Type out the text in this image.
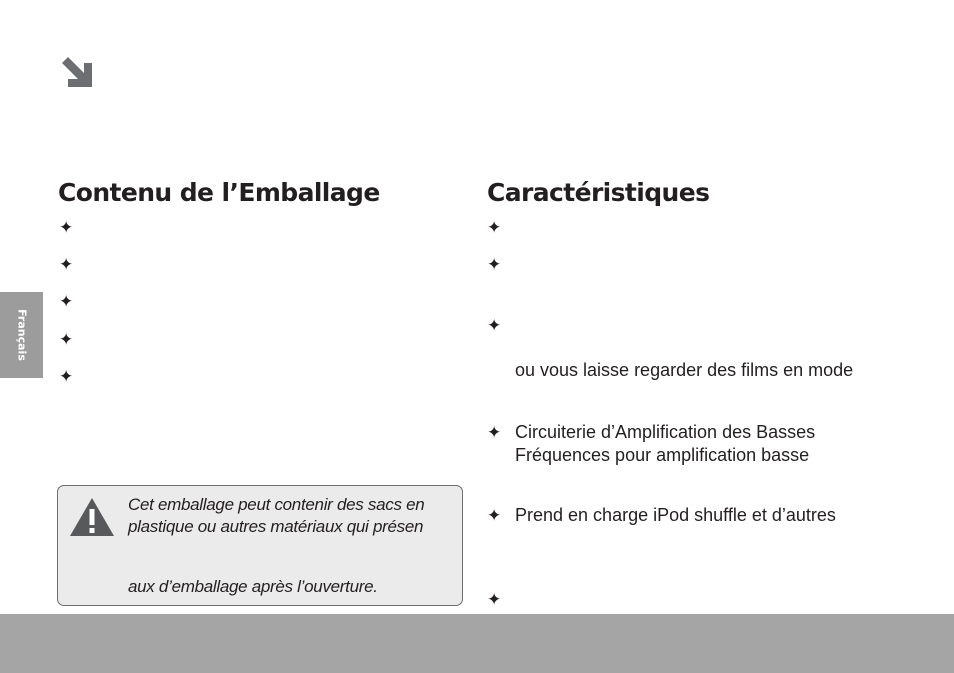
Contenu de l’Emballage	Caractéristiques
✦
✦
✦
✦
✦
✦
✦
✦
✦
✦
✦
ou vous laisse regarder des films en mode
Circuiterie d’Amplification des Basses
Fréquences pour amplification basse
Prend en charge iPod shuffle et d’autres
Français
Cet emballage peut contenir des sacs en
plastique ou autres matériaux qui présen
aux d’emballage après l’ouverture.
